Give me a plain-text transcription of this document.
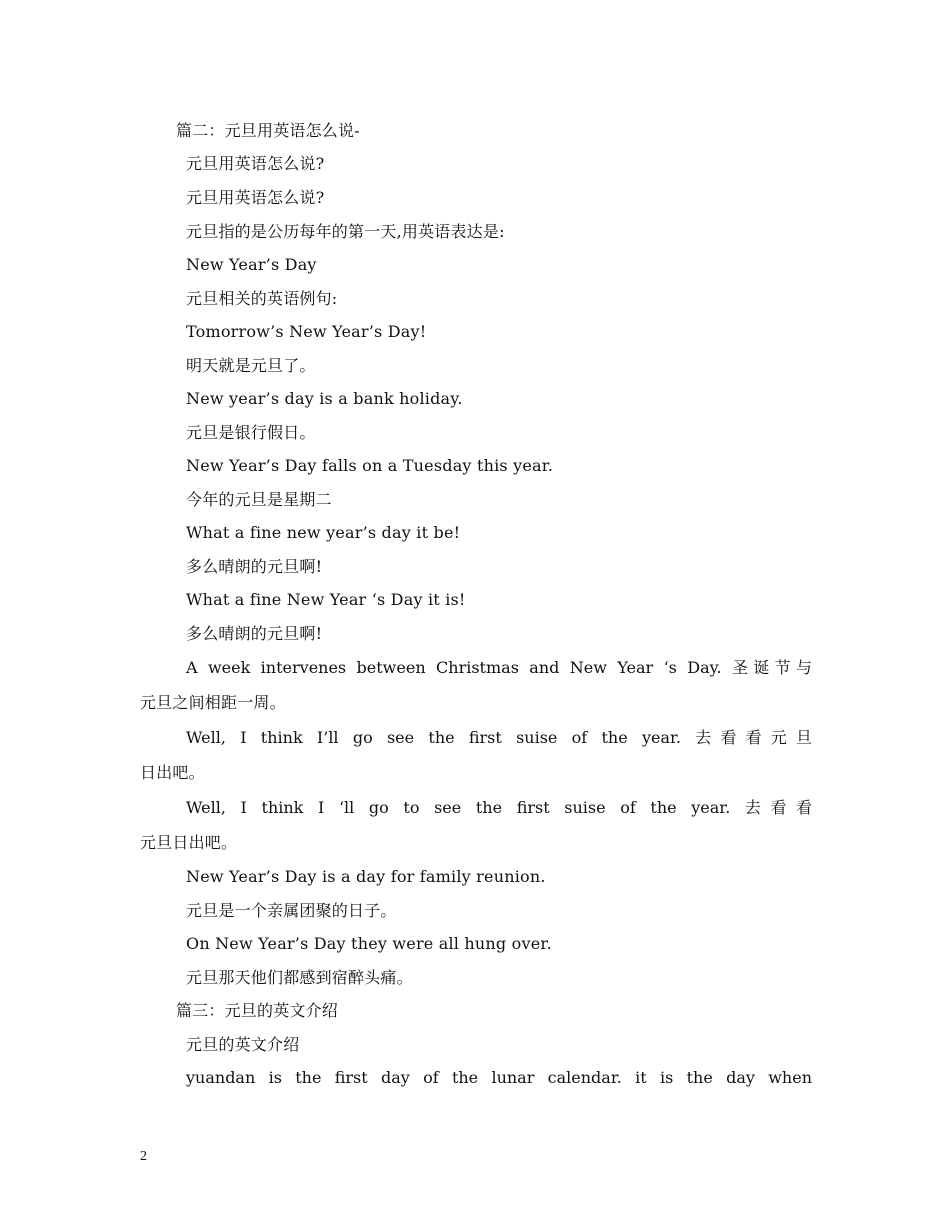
篇二：元旦用英语怎么说-
元旦用英语怎么说?
元旦用英语怎么说?
元旦指的是公历每年的第一天,用英语表达是:
New Year’s Day
元旦相关的英语例句:
Tomorrow’s New Year’s Day!
明天就是元旦了。
New year’s day is a bank holiday.
元旦是银行假日。
New Year’s Day falls on a Tuesday this year.
今年的元旦是星期二
What a fine new year’s day it be!
多么晴朗的元旦啊!
What a fine New Year ‘s Day it is!
多么晴朗的元旦啊!
A week intervenes between Christmas and New Year ‘s Day. 圣诞节与
元旦之间相距一周。
Well, I think I’ll go see the first suise of the year. 去看看元旦
日出吧。
Well, I think I ‘ll go to see the first suise of the year. 去看看
元旦日出吧。
New Year’s Day is a day for family reunion.
元旦是一个亲属团聚的日子。
On New Year’s Day they were all hung over.
元旦那天他们都感到宿醉头痛。
篇三：元旦的英文介绍
元旦的英文介绍
yuandan is the first day of the lunar calendar. it is the day when
2
